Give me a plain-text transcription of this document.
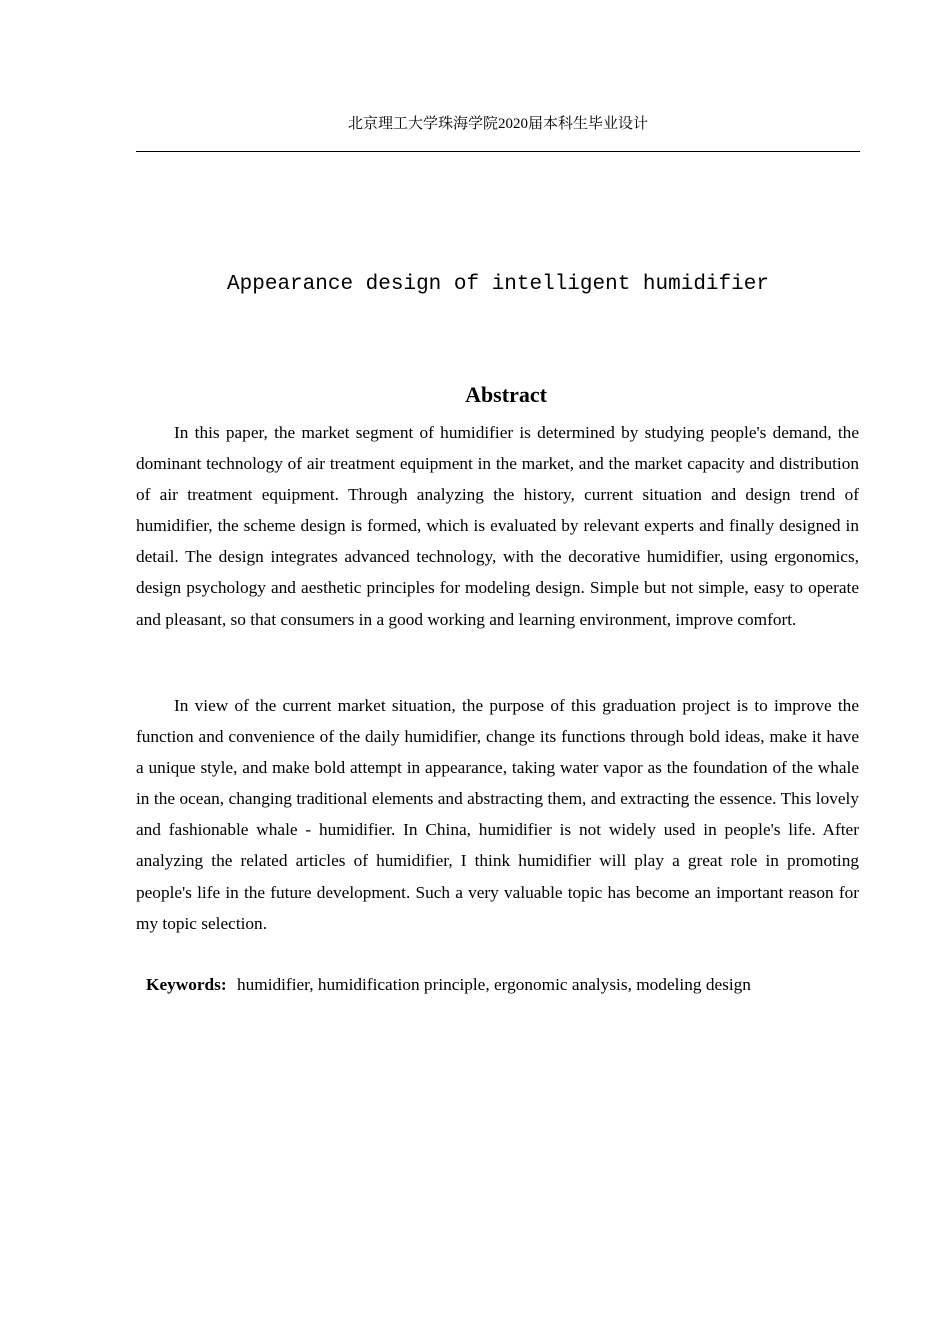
北京理工大学珠海学院2020届本科生毕业设计
Appearance design of intelligent humidifier
Abstract

In this paper, the market segment of humidifier is determined by studying people's demand, the dominant technology of air treatment equipment in the market, and the market capacity and distribution of air treatment equipment. Through analyzing the history, current situation and design trend of humidifier, the scheme design is formed, which is evaluated by relevant experts and finally designed in detail. The design integrates advanced technology, with the decorative humidifier, using ergonomics, design psychology and aesthetic principles for modeling design. Simple but not simple, easy to operate and pleasant, so that consumers in a good working and learning environment, improve comfort.

In view of the current market situation, the purpose of this graduation project is to improve the function and convenience of the daily humidifier, change its functions through bold ideas, make it have a unique style, and make bold attempt in appearance, taking water vapor as the foundation of the whale in the ocean, changing traditional elements and abstracting them, and extracting the essence. This lovely and fashionable whale - humidifier. In China, humidifier is not widely used in people's life. After analyzing the related articles of humidifier, I think humidifier will play a great role in promoting people's life in the future development. Such a very valuable topic has become an important reason for my topic selection.

Keywords: humidifier, humidification principle, ergonomic analysis, modeling design
